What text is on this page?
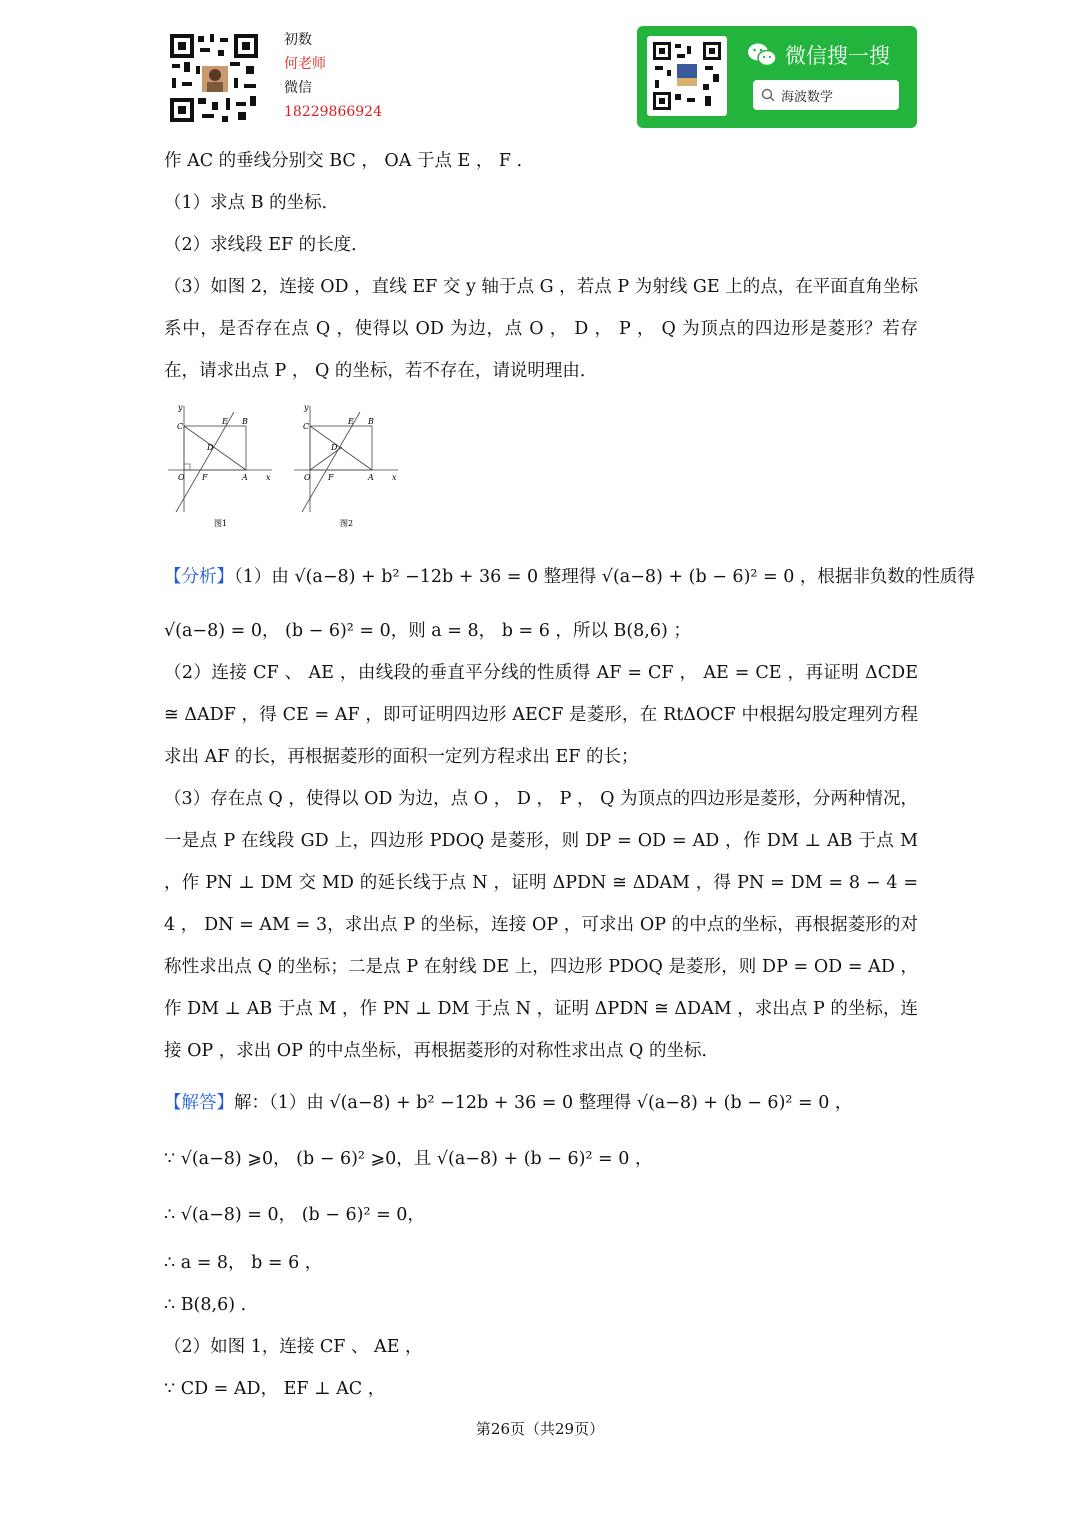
初数
何老师
微信
18229866924
微信搜一搜
海波数学
作 AC 的垂线分别交 BC ， OA 于点 E ， F ．
（1）求点 B 的坐标．
（2）求线段 EF 的长度．
（3）如图 2，连接 OD ，直线 EF 交 y 轴于点 G ，若点 P 为射线 GE 上的点，在平面直角坐标系中，是否存在点 Q ，使得以 OD 为边，点 O ， D ， P ， Q 为顶点的四边形是菱形？若存在，请求出点 P ， Q 的坐标，若不存在，请说明理由．
y
C
E B
D
O F	A x
图1
y
C
E B
D
O F	A x
图2
【分析】（1）由 √(a−8) + b² −12b + 36 = 0 整理得 √(a−8) + (b − 6)² = 0 ，根据非负数的性质得
√(a−8) = 0， (b − 6)² = 0，则 a = 8， b = 6 ，所以 B(8,6) ；
（2）连接 CF 、 AE ，由线段的垂直平分线的性质得 AF = CF ， AE = CE ，再证明 ΔCDE ≅ ΔADF ，得 CE = AF ，即可证明四边形 AECF 是菱形，在 RtΔOCF 中根据勾股定理列方程求出 AF 的长，再根据菱形的面积一定列方程求出 EF 的长；
（3）存在点 Q ，使得以 OD 为边，点 O ， D ， P ， Q 为顶点的四边形是菱形，分两种情况，一是点 P 在线段 GD 上，四边形 PDOQ 是菱形，则 DP = OD = AD ，作 DM ⊥ AB 于点 M ，作 PN ⊥ DM 交 MD 的延长线于点 N ，证明 ΔPDN ≅ ΔDAM ，得 PN = DM = 8 − 4 = 4 ， DN = AM = 3，求出点 P 的坐标，连接 OP ，可求出 OP 的中点的坐标，再根据菱形的对称性求出点 Q 的坐标；二是点 P 在射线 DE 上，四边形 PDOQ 是菱形，则 DP = OD = AD ，作 DM ⊥ AB 于点 M ，作 PN ⊥ DM 于点 N ，证明 ΔPDN ≅ ΔDAM ，求出点 P 的坐标，连接 OP ，求出 OP 的中点坐标，再根据菱形的对称性求出点 Q 的坐标．
【解答】解：（1）由 √(a−8) + b² −12b + 36 = 0 整理得 √(a−8) + (b − 6)² = 0 ，
∵ √(a−8) ⩾0， (b − 6)² ⩾0，且 √(a−8) + (b − 6)² = 0 ，
∴ √(a−8) = 0， (b − 6)² = 0，
∴ a = 8， b = 6 ，
∴ B(8,6) ．
（2）如图 1，连接 CF 、 AE ，
∵ CD = AD， EF ⊥ AC ，
第26页（共29页）
